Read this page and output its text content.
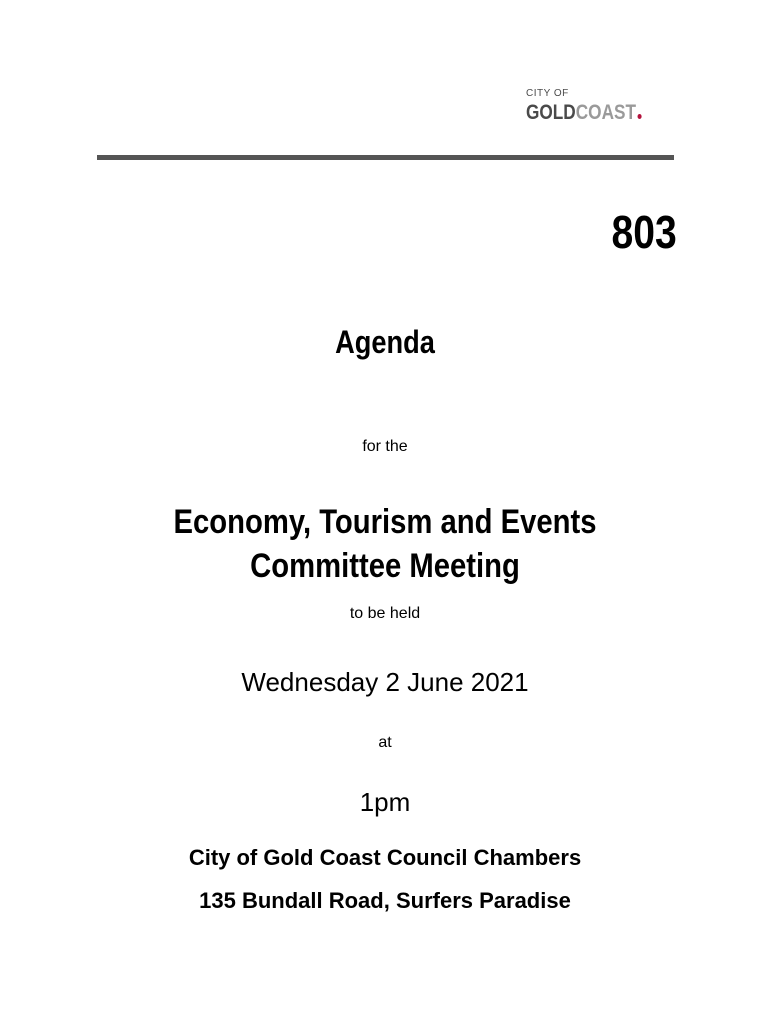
CITY OF
GOLDCOAST
803
Agenda
for the
Economy, Tourism and Events
Committee Meeting
to be held
Wednesday 2 June 2021
at
1pm
City of Gold Coast Council Chambers
135 Bundall Road, Surfers Paradise
